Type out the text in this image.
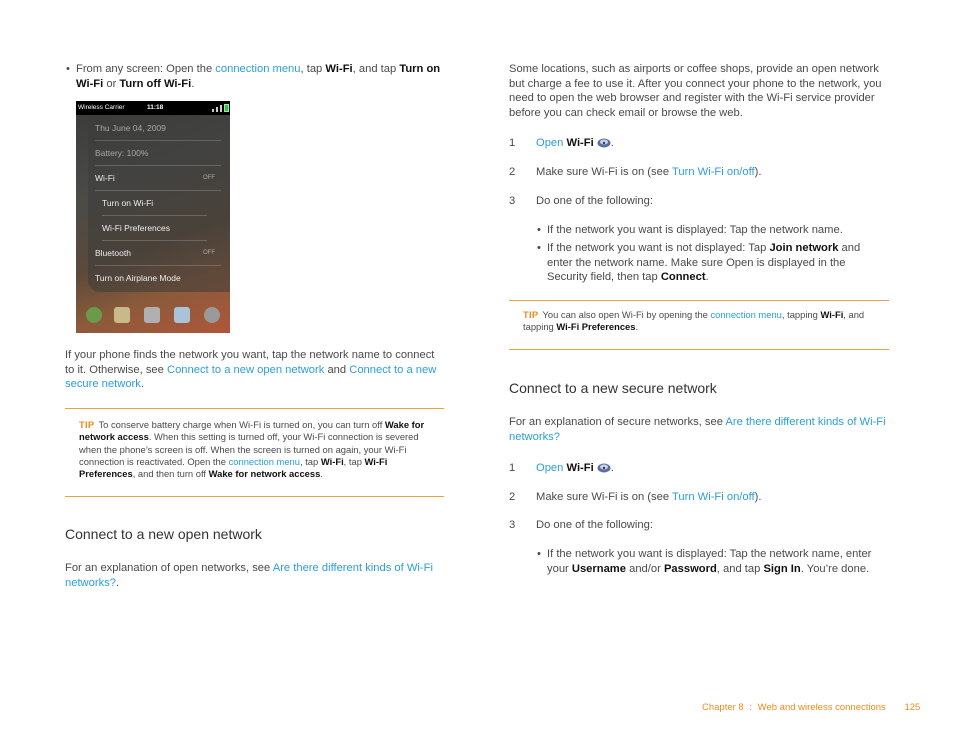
• From any screen: Open the connection menu, tap Wi-Fi, and tap Turn on Wi-Fi or Turn off Wi-Fi.
Wireless Carrier	11:18
Thu June 04, 2009
Battery: 100%
Wi-Fi	OFF
Turn on Wi-Fi
Wi-Fi Preferences
Bluetooth	OFF
Turn on Airplane Mode
If your phone finds the network you want, tap the network name to connect to it. Otherwise, see Connect to a new open network and Connect to a new secure network.
TIP To conserve battery charge when Wi-Fi is turned on, you can turn off Wake for network access. When this setting is turned off, your Wi-Fi connection is severed when the phone’s screen is off. When the screen is turned on again, your Wi-Fi connection is reactivated. Open the connection menu, tap Wi-Fi, tap Wi-Fi Preferences, and then turn off Wake for network access.
Connect to a new open network
For an explanation of open networks, see Are there different kinds of Wi-Fi networks?.
Some locations, such as airports or coffee shops, provide an open network but charge a fee to use it. After you connect your phone to the network, you need to open the web browser and register with the Wi-Fi service provider before you can check email or browse the web.
1	Open Wi-Fi .
2	Make sure Wi-Fi is on (see Turn Wi-Fi on/off).
3	Do one of the following:
• If the network you want is displayed: Tap the network name.
• If the network you want is not displayed: Tap Join network and enter the network name. Make sure Open is displayed in the Security field, then tap Connect.
TIP You can also open Wi-Fi by opening the connection menu, tapping Wi-Fi, and tapping Wi-Fi Preferences.
Connect to a new secure network
For an explanation of secure networks, see Are there different kinds of Wi-Fi networks?
1	Open Wi-Fi .
2	Make sure Wi-Fi is on (see Turn Wi-Fi on/off).
3	Do one of the following:
• If the network you want is displayed: Tap the network name, enter your Username and/or Password, and tap Sign In. You’re done.
Chapter 8 : Web and wireless connections 125
